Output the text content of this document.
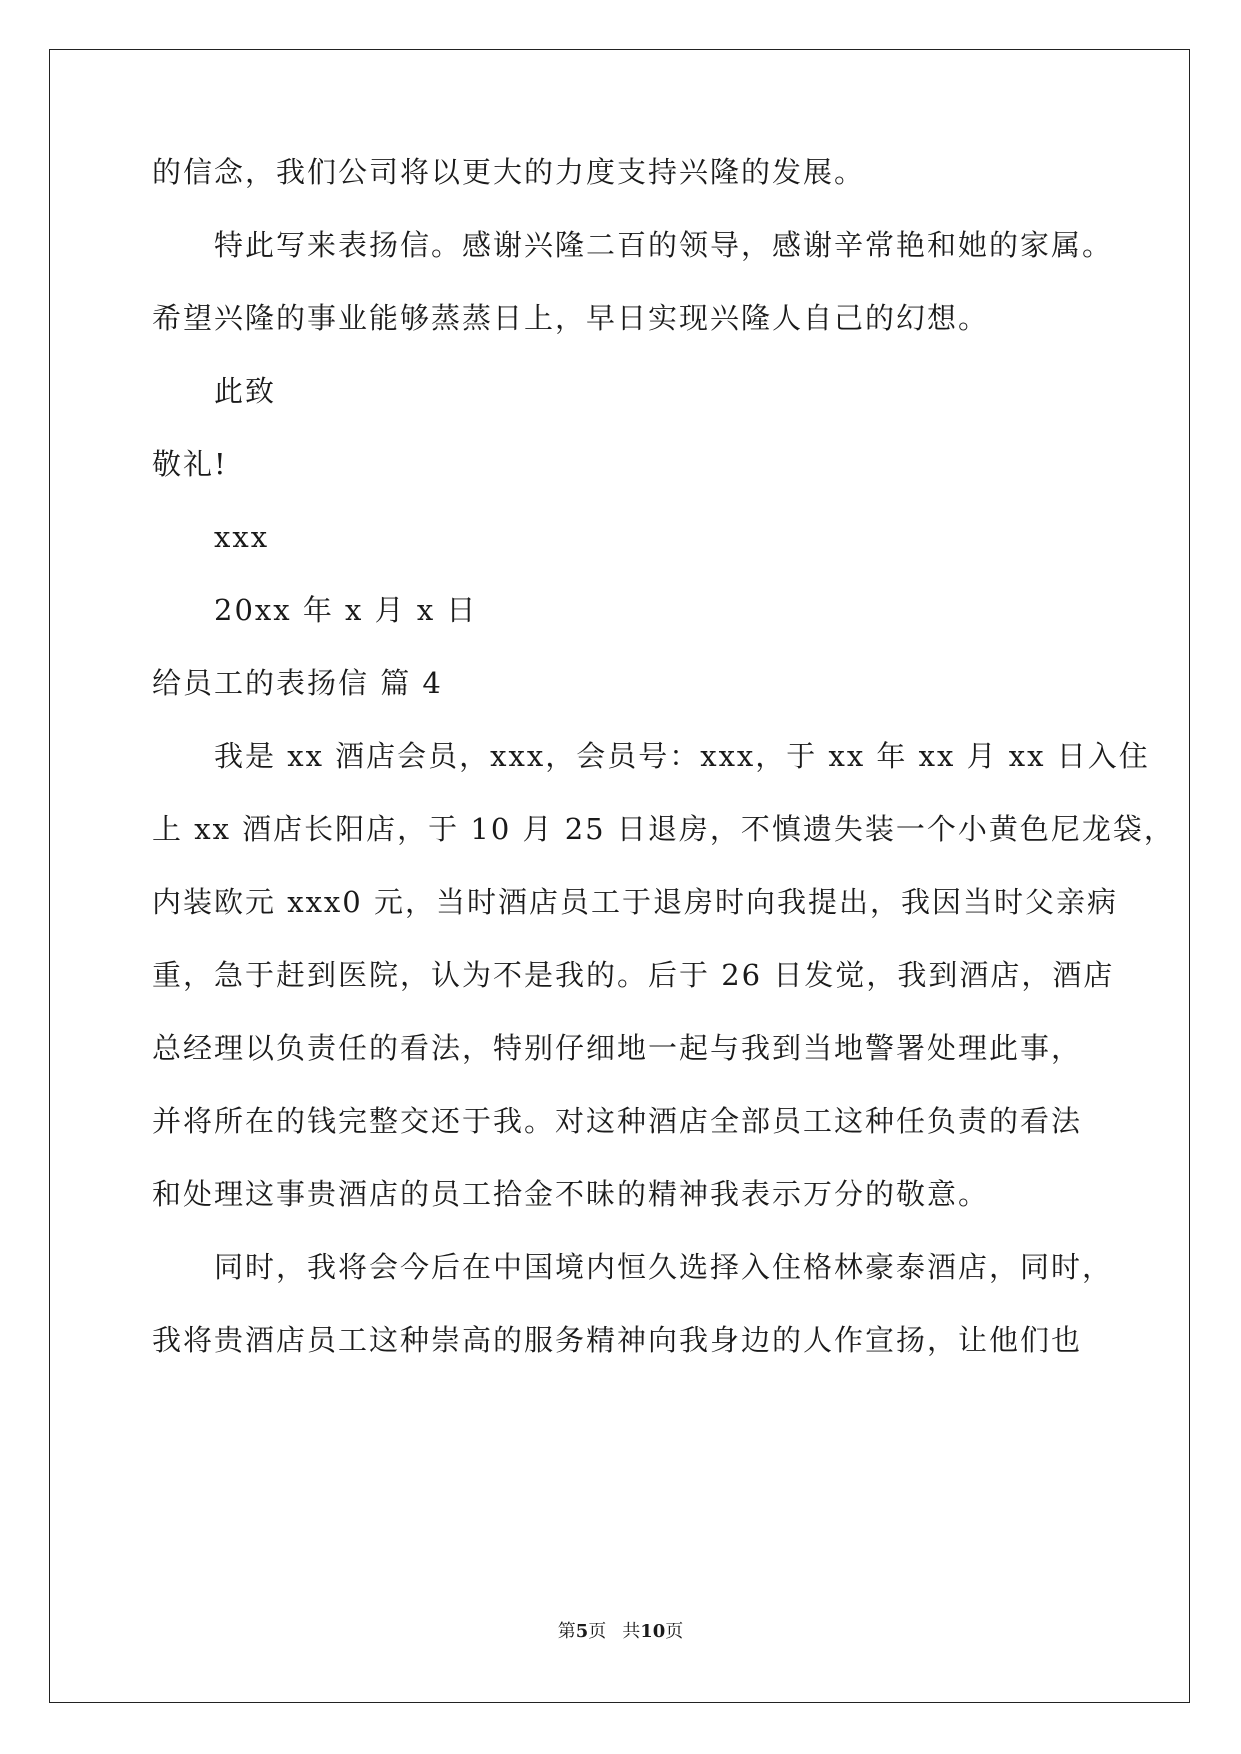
的信念，我们公司将以更大的力度支持兴隆的发展。
特此写来表扬信。感谢兴隆二百的领导，感谢辛常艳和她的家属。
希望兴隆的事业能够蒸蒸日上，早日实现兴隆人自己的幻想。
此致
敬礼!
xxx
20xx 年 x 月 x 日
给员工的表扬信 篇 4
我是 xx 酒店会员，xxx，会员号：xxx，于 xx 年 xx 月 xx 日入住
上 xx 酒店长阳店，于 10 月 25 日退房，不慎遗失装一个小黄色尼龙袋，
内装欧元 xxx0 元，当时酒店员工于退房时向我提出，我因当时父亲病
重，急于赶到医院，认为不是我的。后于 26 日发觉，我到酒店，酒店
总经理以负责任的看法，特别仔细地一起与我到当地警署处理此事，
并将所在的钱完整交还于我。对这种酒店全部员工这种任负责的看法
和处理这事贵酒店的员工拾金不昧的精神我表示万分的敬意。
同时，我将会今后在中国境内恒久选择入住格林豪泰酒店，同时，
我将贵酒店员工这种崇高的服务精神向我身边的人作宣扬，让他们也
第5页 共10页
